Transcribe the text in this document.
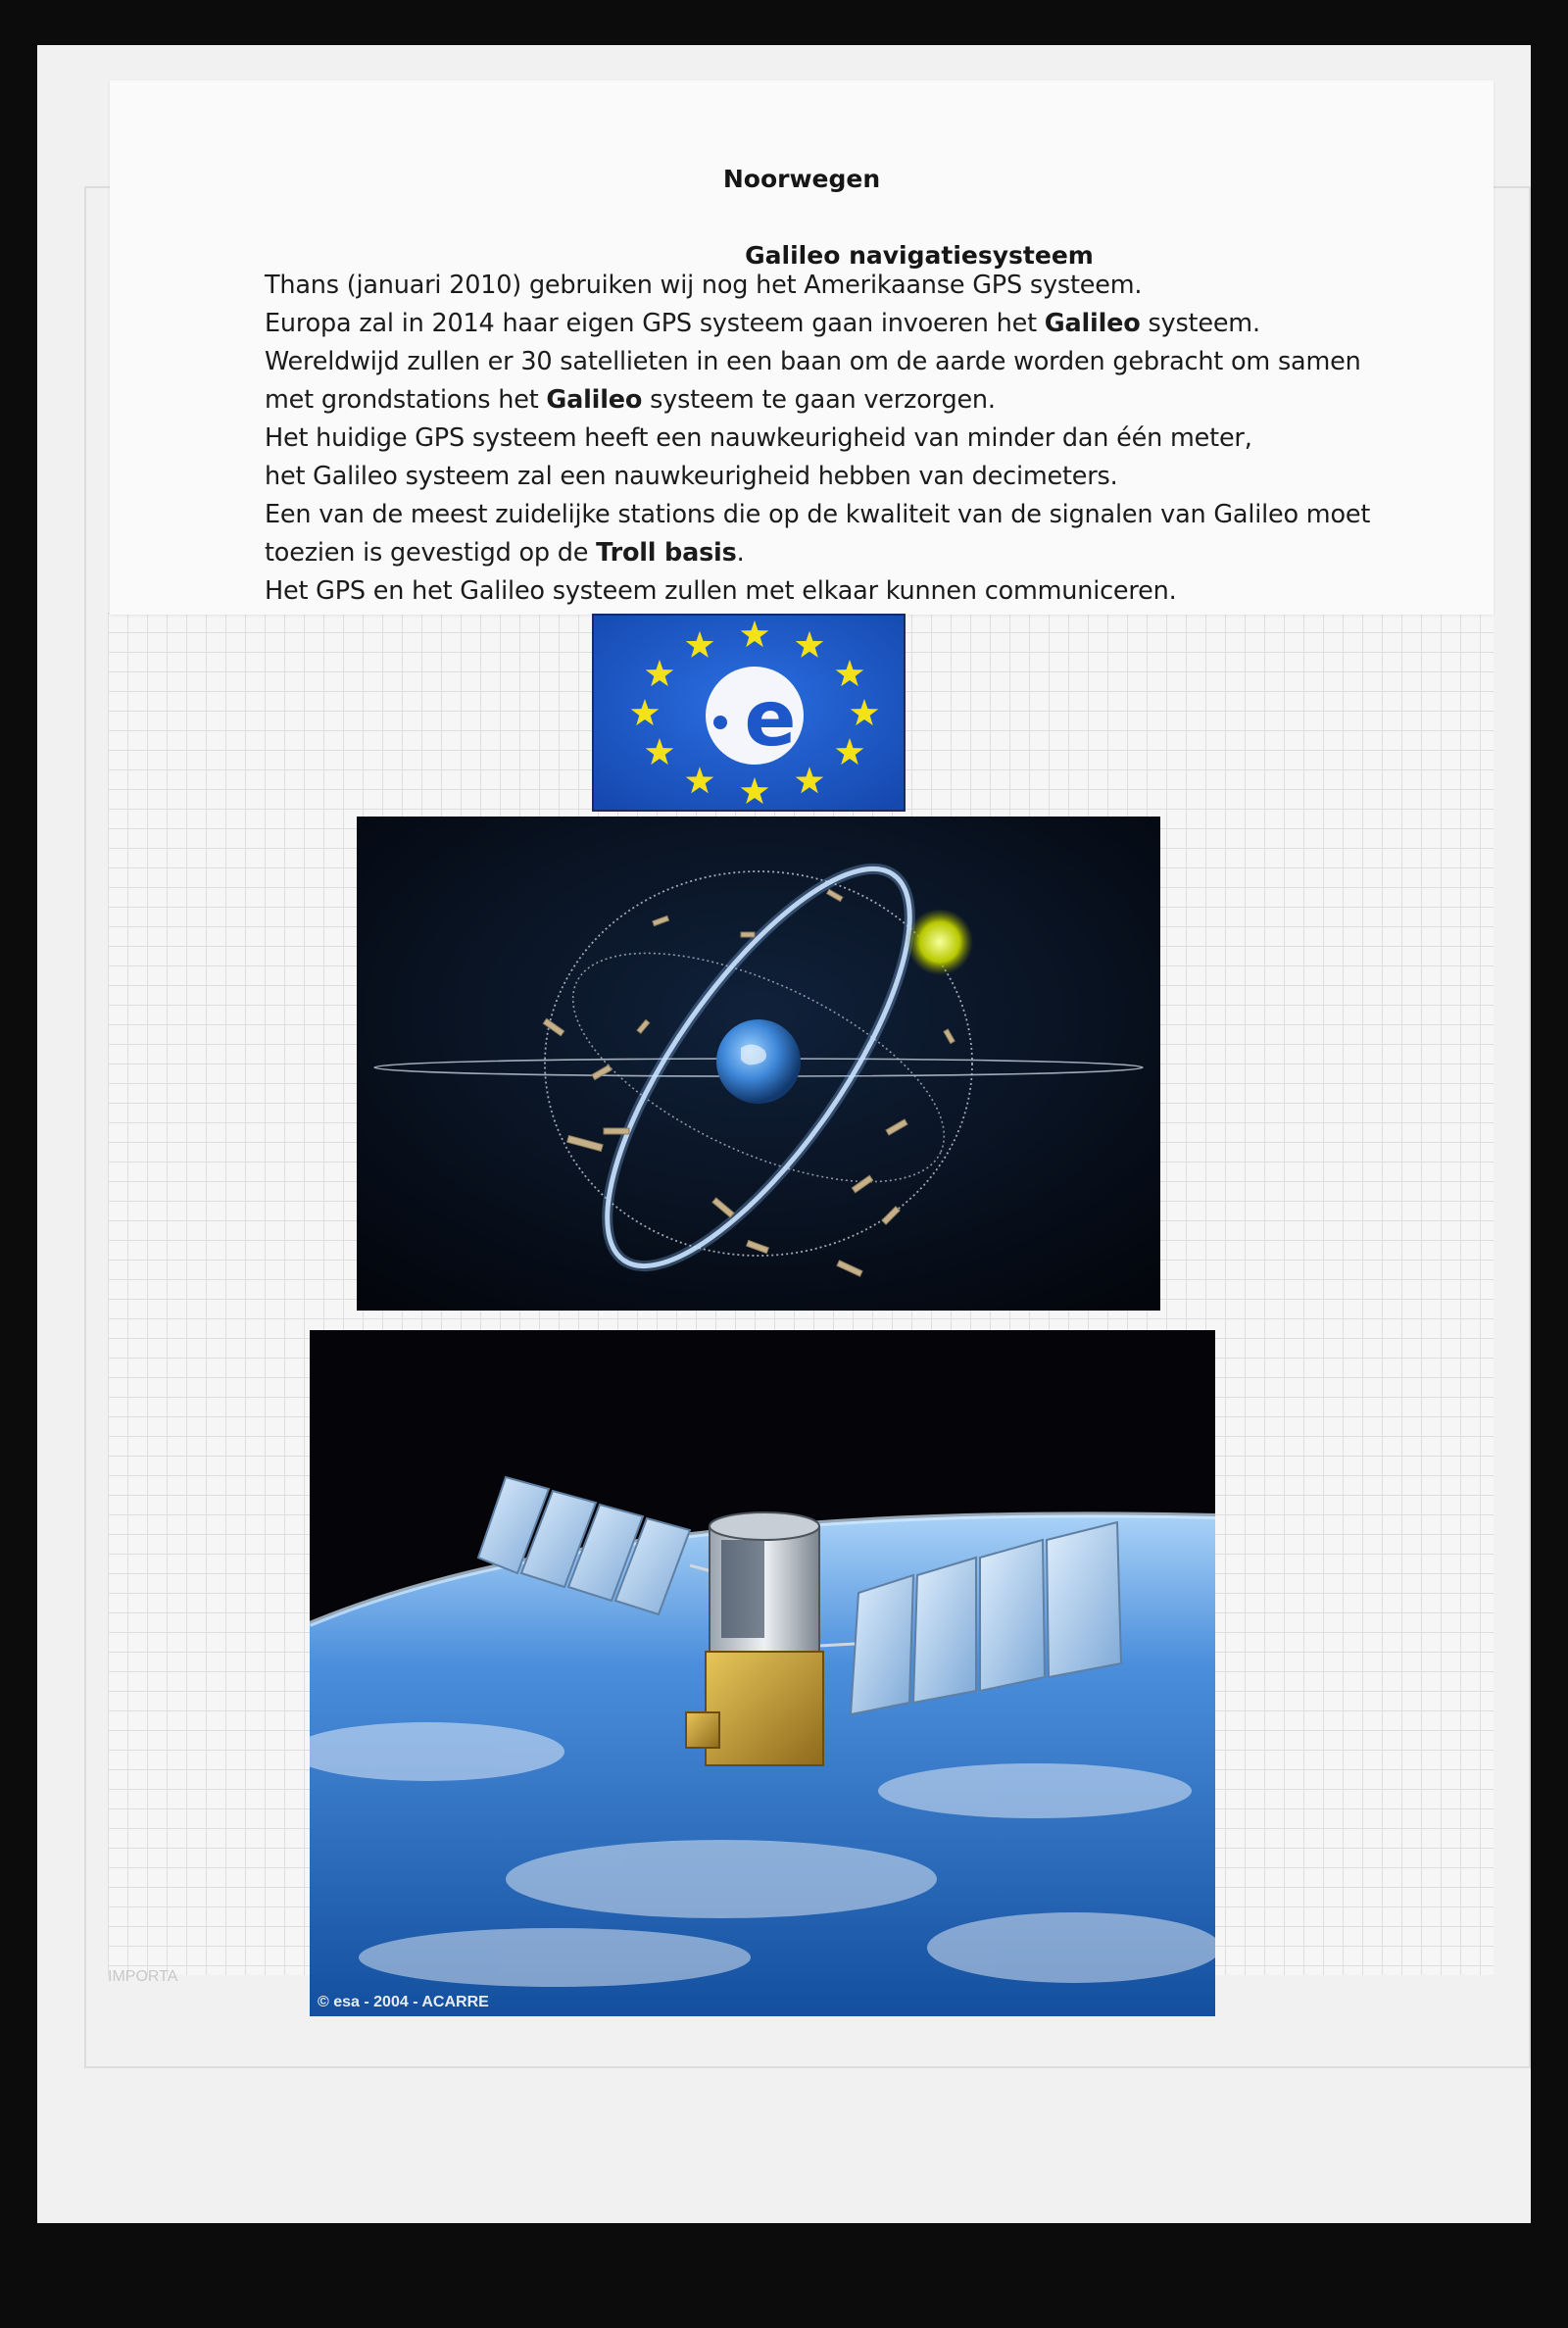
Noorwegen
Galileo navigatiesysteem

Thans (januari 2010) gebruiken wij nog het Amerikaanse GPS systeem.

Europa zal in 2014 haar eigen GPS systeem gaan invoeren het Galileo systeem.

Wereldwijd zullen er 30 satellieten in een baan om de aarde worden gebracht om samen

met grondstations het Galileo systeem te gaan verzorgen.

Het huidige GPS systeem heeft een nauwkeurigheid van minder dan één meter,

het Galileo systeem zal een nauwkeurigheid hebben van decimeters.

Een van de meest zuidelijke stations die op de kwaliteit van de signalen van Galileo moet

toezien is gevestigd op de Troll basis.

Het GPS en het Galileo systeem zullen met elkaar kunnen communiceren.

IMPORTA
e
© esa - 2004 - ACARRE
